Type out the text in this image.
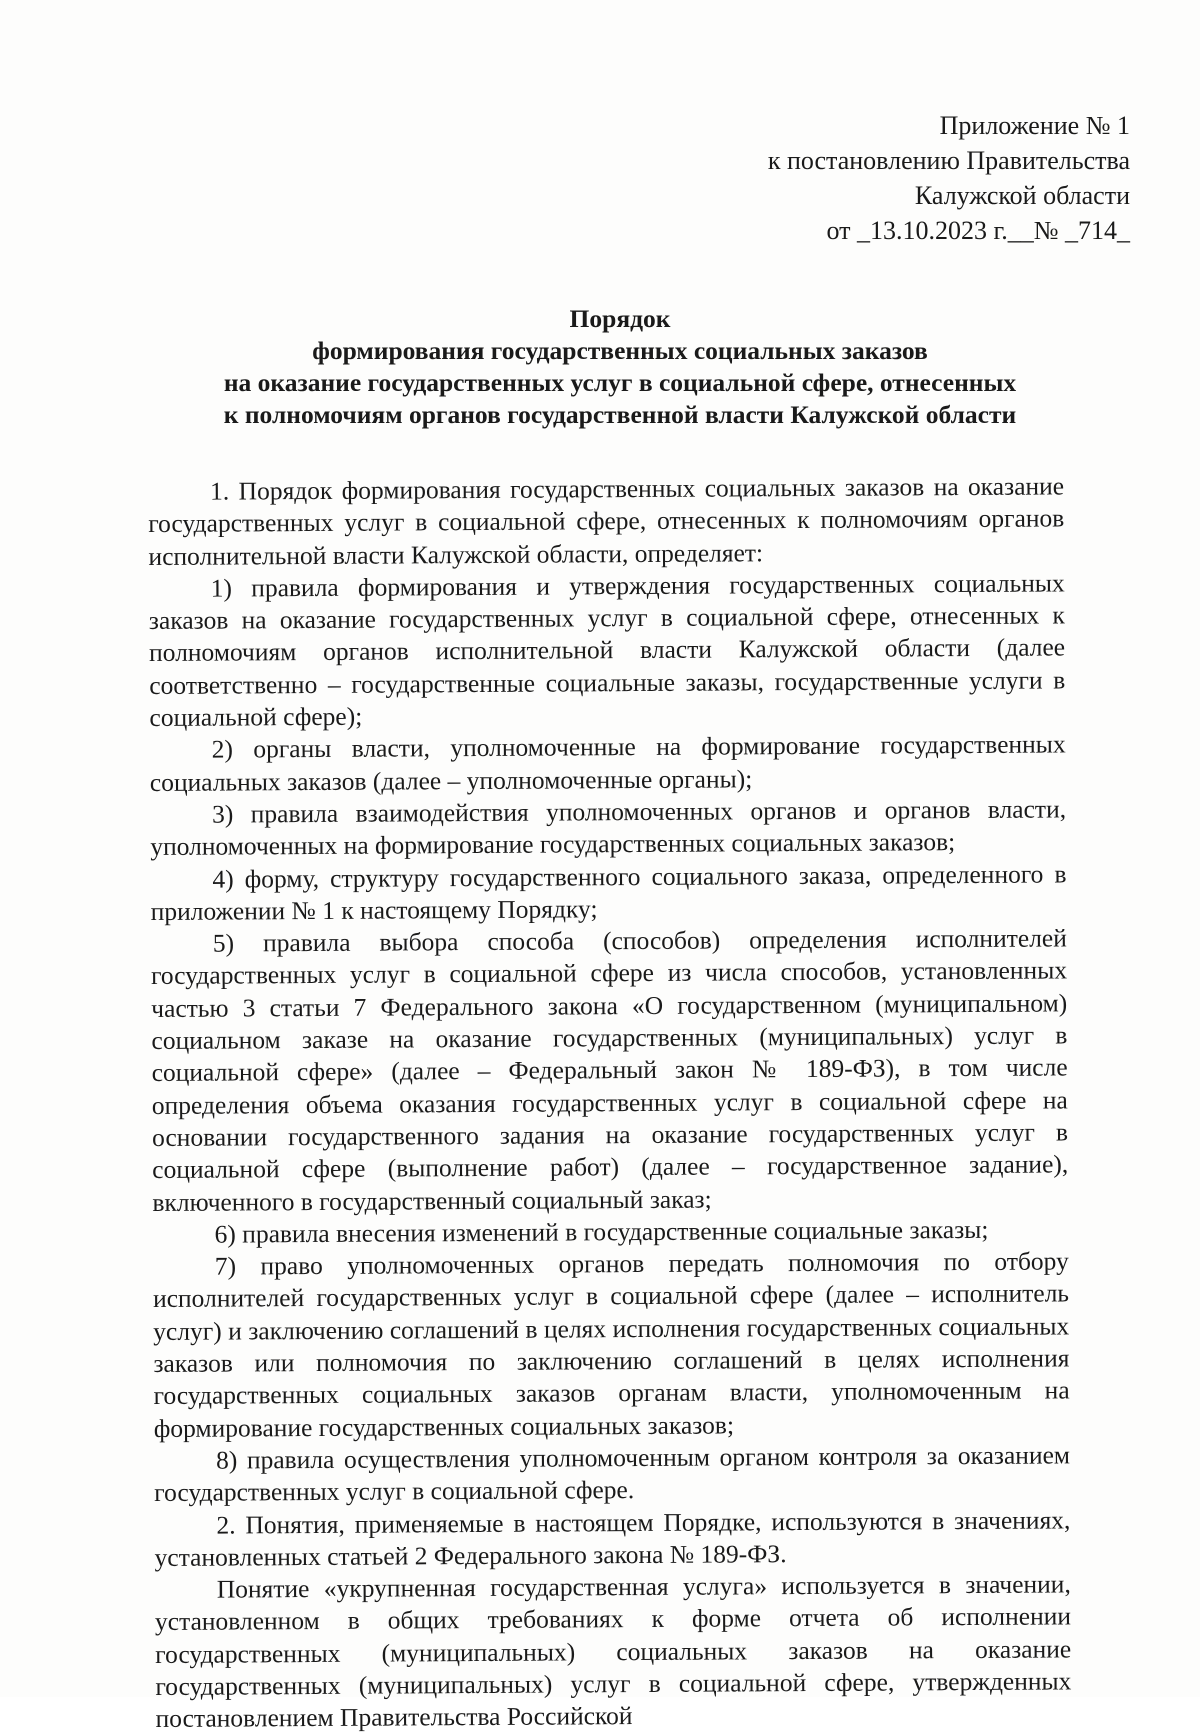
Приложение № 1
к постановлению Правительства
Калужской области
от _13.10.2023 г.__№ _714_
Порядок
формирования государственных социальных заказов
на оказание государственных услуг в социальной сфере, отнесенных
к полномочиям органов государственной власти Калужской области

1. Порядок формирования государственных социальных заказов на оказание государственных услуг в социальной сфере, отнесенных к полномочиям органов исполнительной власти Калужской области, определяет:

1) правила формирования и утверждения государственных социальных заказов на оказание государственных услуг в социальной сфере, отнесенных к полномочиям органов исполнительной власти Калужской области (далее соответственно – государственные социальные заказы, государственные услуги в социальной сфере);

2) органы власти, уполномоченные на формирование государственных социальных заказов (далее – уполномоченные органы);

3) правила взаимодействия уполномоченных органов и органов власти, уполномоченных на формирование государственных социальных заказов;

4) форму, структуру государственного социального заказа, определенного в приложении № 1 к настоящему Порядку;

5) правила выбора способа (способов) определения исполнителей государственных услуг в социальной сфере из числа способов, установленных частью 3 статьи 7 Федерального закона «О государственном (муниципальном) социальном заказе на оказание государственных (муниципальных) услуг в социальной сфере» (далее – Федеральный закон № 189-ФЗ), в том числе определения объема оказания государственных услуг в социальной сфере на основании государственного задания на оказание государственных услуг в социальной сфере (выполнение работ) (далее – государственное задание), включенного в государственный социальный заказ;

6) правила внесения изменений в государственные социальные заказы;

7) право уполномоченных органов передать полномочия по отбору исполнителей государственных услуг в социальной сфере (далее – исполнитель услуг) и заключению соглашений в целях исполнения государственных социальных заказов или полномочия по заключению соглашений в целях исполнения государственных социальных заказов органам власти, уполномоченным на формирование государственных социальных заказов;

8) правила осуществления уполномоченным органом контроля за оказанием государственных услуг в социальной сфере.

2. Понятия, применяемые в настоящем Порядке, используются в значениях, установленных статьей 2 Федерального закона № 189-ФЗ.

Понятие «укрупненная государственная услуга» используется в значении, установленном в общих требованиях к форме отчета об исполнении государственных (муниципальных) социальных заказов на оказание государственных (муниципальных) услуг в социальной сфере, утвержденных постановлением Правительства Российской
